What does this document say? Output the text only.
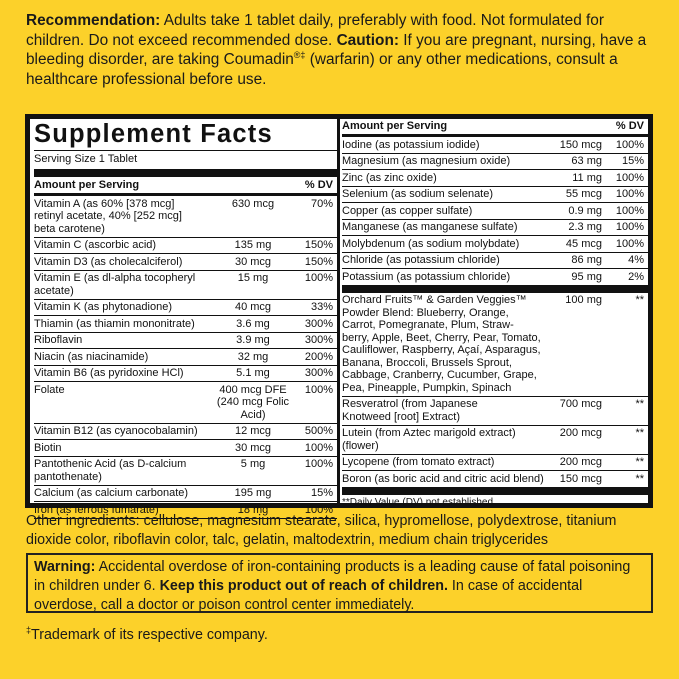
Recommendation: Adults take 1 tablet daily, preferably with food. Not formulated for children. Do not exceed recommended dose. Caution: If you are pregnant, nursing, have a bleeding disorder, are taking Coumadin®‡ (warfarin) or any other medications, consult a healthcare professional before use.
Supplement Facts
Serving Size 1 Tablet
Amount per Serving	% DV
Vitamin A (as 60% [378 mcg]
retinyl acetate, 40% [252 mcg]
beta carotene)
630 mcg	70%
Vitamin C (ascorbic acid)	135 mg	150%
Vitamin D3 (as cholecalciferol)	30 mcg	150%
Vitamin E (as dl-alpha tocopheryl
acetate)
15 mg	100%
Vitamin K (as phytonadione)	40 mcg	33%
Thiamin (as thiamin mononitrate)	3.6 mg	300%
Riboflavin	3.9 mg	300%
Niacin (as niacinamide)	32 mg	200%
Vitamin B6 (as pyridoxine HCl)	5.1 mg	300%
Folate	400 mcg DFE
(240 mcg Folic Acid)
100%
Vitamin B12 (as cyanocobalamin)	12 mcg	500%
Biotin	30 mcg	100%
Pantothenic Acid (as D-calcium
pantothenate)
5 mg	100%
Calcium (as calcium carbonate)	195 mg	15%
Iron (as ferrous fumarate)	18 mg	100%
Amount per Serving	% DV
Iodine (as potassium iodide)	150 mcg	100%
Magnesium (as magnesium oxide)	63 mg	15%
Zinc (as zinc oxide)	11 mg	100%
Selenium (as sodium selenate)	55 mcg	100%
Copper (as copper sulfate)	0.9 mg	100%
Manganese (as manganese sulfate)	2.3 mg	100%
Molybdenum (as sodium molybdate)	45 mcg	100%
Chloride (as potassium chloride)	86 mg	4%
Potassium (as potassium chloride)	95 mg	2%
Orchard Fruits™ & Garden Veggies™
Powder Blend: Blueberry, Orange,
Carrot, Pomegranate, Plum, Straw-
berry, Apple, Beet, Cherry, Pear, Tomato,
Cauliflower, Raspberry, Açaí, Asparagus,
Banana, Broccoli, Brussels Sprout,
Cabbage, Cranberry, Cucumber, Grape,
Pea, Pineapple, Pumpkin, Spinach
100 mg	**
Resveratrol (from Japanese
Knotweed [root] Extract)
700 mcg	**
Lutein (from Aztec marigold extract) (flower)
200 mcg	**
Lycopene (from tomato extract)	200 mcg	**
Boron (as boric acid and citric acid blend)	150 mcg	**
**Daily Value (DV) not established.
Other ingredients: cellulose, magnesium stearate, silica, hypromellose, polydextrose, titanium dioxide color, riboflavin color, talc, gelatin, maltodextrin, medium chain triglycerides
Warning: Accidental overdose of iron-containing products is a leading cause of fatal poisoning in children under 6. Keep this product out of reach of children. In case of accidental overdose, call a doctor or poison control center immediately.
‡Trademark of its respective company.
